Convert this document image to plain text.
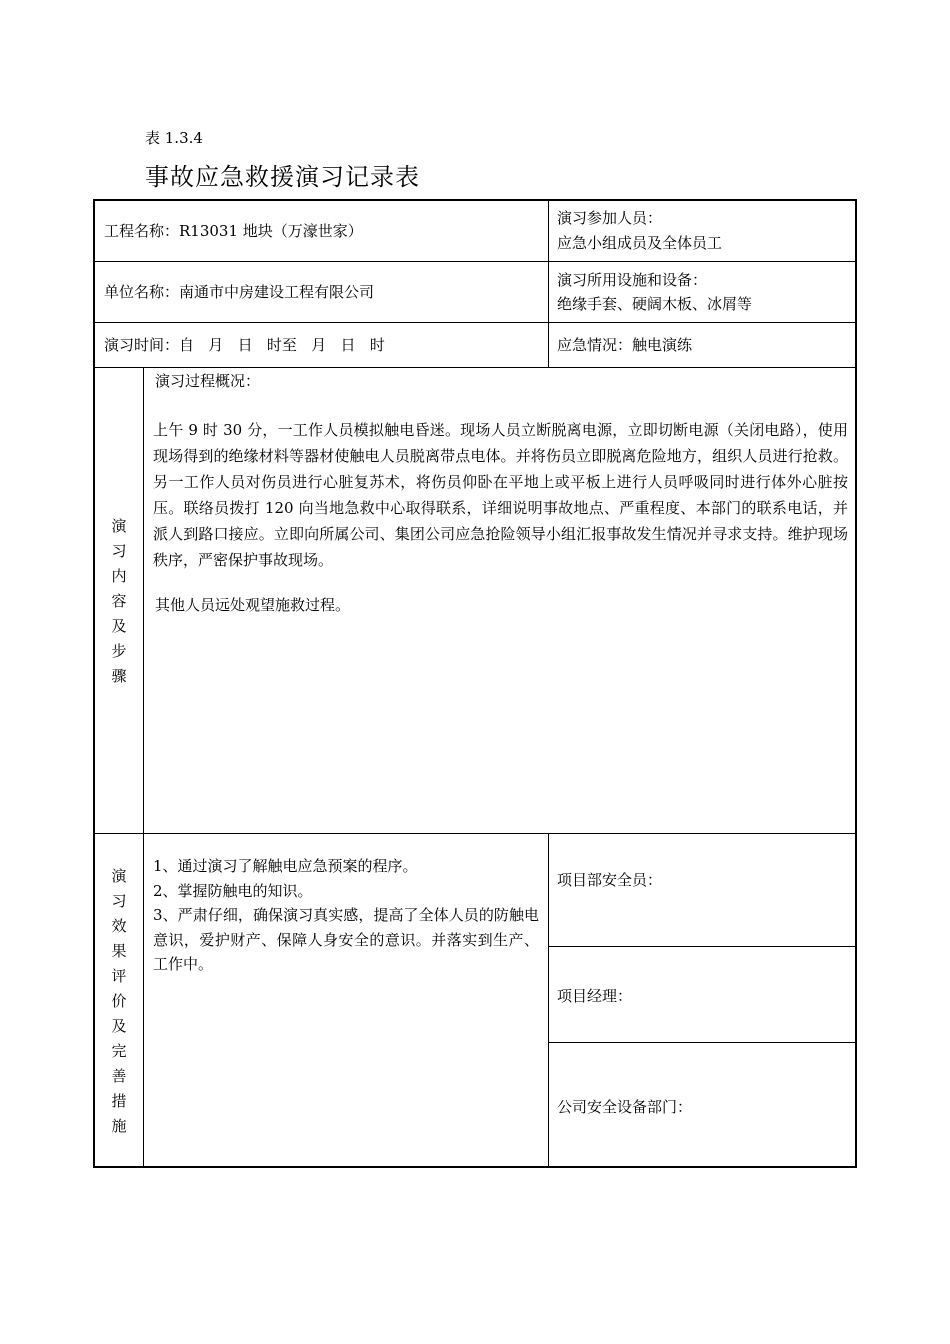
表 1.3.4
事故应急救援演习记录表
工程名称：R13031 地块（万濠世家）
演习参加人员：
应急小组成员及全体员工
单位名称：南通市中房建设工程有限公司
演习所用设施和设备：
绝缘手套、硬阔木板、冰屑等
演习时间：自   月   日   时至   月   日   时	应急情况：触电演练
演
习
内
容
及
步
骤
演习过程概况：
上午 9 时 30 分，一工作人员模拟触电昏迷。现场人员立断脱离电源，立即切断电源（关闭电路），使用现场得到的绝缘材料等器材使触电人员脱离带点电体。并将伤员立即脱离危险地方，组织人员进行抢救。另一工作人员对伤员进行心脏复苏术，将伤员仰卧在平地上或平板上进行人员呼吸同时进行体外心脏按压。联络员拨打 120 向当地急救中心取得联系，详细说明事故地点、严重程度、本部门的联系电话，并派人到路口接应。立即向所属公司、集团公司应急抢险领导小组汇报事故发生情况并寻求支持。维护现场秩序，严密保护事故现场。
其他人员远处观望施救过程。
演
习
效
果
评
价
及
完
善
措
施
1、通过演习了解触电应急预案的程序。
2、掌握防触电的知识。
3、严肃仔细，确保演习真实感，提高了全体人员的防触电意识，爱护财产、保障人身安全的意识。并落实到生产、工作中。
项目部安全员：
项目经理：
公司安全设备部门：
